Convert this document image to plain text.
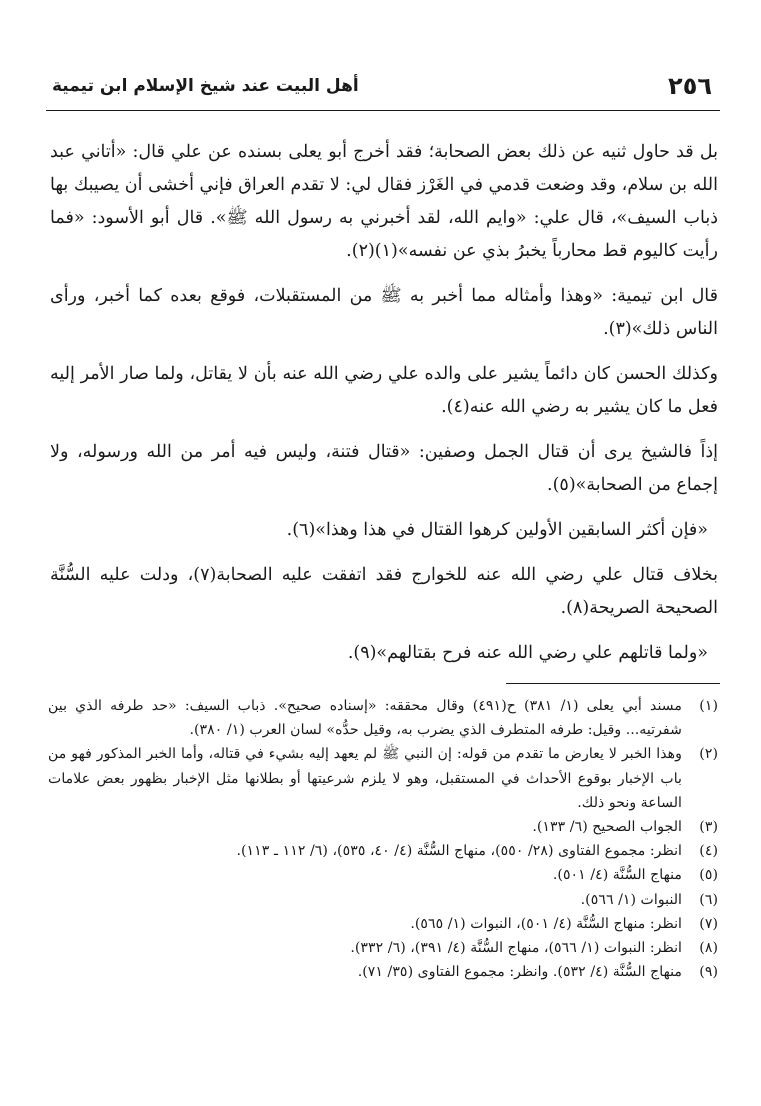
٢٥٦
أهل البيت عند شيخ الإسلام ابن تيمية

بل قد حاول ثنيه عن ذلك بعض الصحابة؛ فقد أخرج أبو يعلى بسنده عن علي قال: «أتاني عبد الله بن سلام، وقد وضعت قدمي في الغَرْز فقال لي: لا تقدم العراق فإني أخشى أن يصيبك بها ذباب السيف»، قال علي: «وايم الله، لقد أخبرني به رسول الله ﷺ». قال أبو الأسود: «فما رأيت كاليوم قط محارباً يخبرُ بذي عن نفسه»(١)(٢).

قال ابن تيمية: «وهذا وأمثاله مما أخبر به ﷺ من المستقبلات، فوقع بعده كما أخبر، ورأى الناس ذلك»(٣).

وكذلك الحسن كان دائماً يشير على والده علي رضي الله عنه بأن لا يقاتل، ولما صار الأمر إليه فعل ما كان يشير به رضي الله عنه(٤).

إذاً فالشيخ يرى أن قتال الجمل وصفين: «قتال فتنة، وليس فيه أمر من الله ورسوله، ولا إجماع من الصحابة»(٥).

«فإن أكثر السابقين الأولين كرهوا القتال في هذا وهذا»(٦).

بخلاف قتال علي رضي الله عنه للخوارج فقد اتفقت عليه الصحابة(٧)، ودلت عليه السُّنَّة الصحيحة الصريحة(٨).

«ولما قاتلهم علي رضي الله عنه فرح بقتالهم»(٩).

(١)
مسند أبي يعلى (١/ ٣٨١) ح(٤٩١) وقال محققه: «إسناده صحيح». ذباب السيف: «حد طرفه الذي بين شفرتيه... وقيل: طرفه المتطرف الذي يضرب به، وقيل حدُّه» لسان العرب (١/ ٣٨٠).
(٢)
وهذا الخبر لا يعارض ما تقدم من قوله: إن النبي ﷺ لم يعهد إليه بشيء في قتاله، وأما الخبر المذكور فهو من باب الإخبار بوقوع الأحداث في المستقبل، وهو لا يلزم شرعيتها أو بطلانها مثل الإخبار بظهور بعض علامات الساعة ونحو ذلك.
(٣)
الجواب الصحيح (٦/ ١٣٣).
(٤)
انظر: مجموع الفتاوى (٢٨/ ٥٥٠)، منهاج السُّنَّة (٤/ ٤٠، ٥٣٥)، (٦/ ١١٢ ـ ١١٣).
(٥)
منهاج السُّنَّة (٤/ ٥٠١).
(٦)
النبوات (١/ ٥٦٦).
(٧)
انظر: منهاج السُّنَّة (٤/ ٥٠١)، النبوات (١/ ٥٦٥).
(٨)
انظر: النبوات (١/ ٥٦٦)، منهاج السُّنَّة (٤/ ٣٩١)، (٦/ ٣٣٢).
(٩)
منهاج السُّنَّة (٤/ ٥٣٢). وانظر: مجموع الفتاوى (٣٥/ ٧١).
